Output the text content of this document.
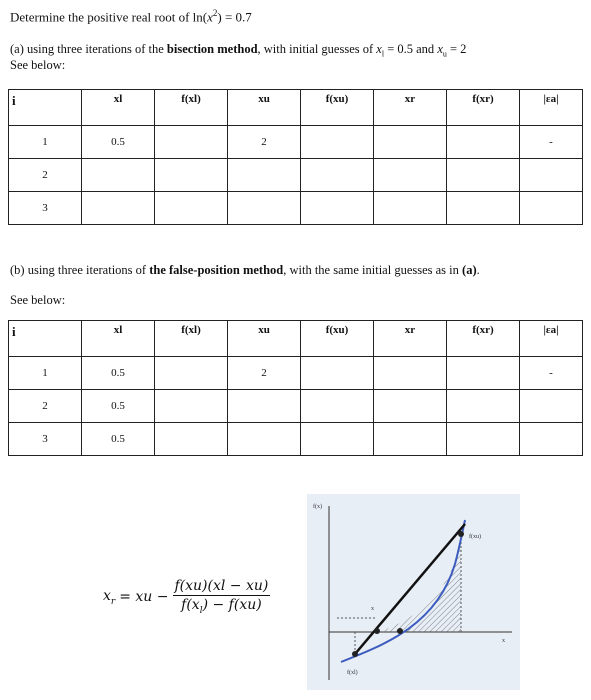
Determine the positive real root of $\ln(x^2) = 0.7$
(a) using three iterations of the bisection method, with initial guesses of $x_l = 0.5$ and $x_u = 2$
See below:
i	xl	f(xl)	xu	f(xu)	xr	f(xr)	|εa|
1	0.5		2				-
2							
3							
(b) using three iterations of the false-position method, with the same initial guesses as in (a).
See below:
i	xl	f(xl)	xu	f(xu)	xr	f(xr)	|εa|
1	0.5		2				-
2	0.5						
3	0.5						
$x_r$ = xu − $\frac{f(xu)(xl - xu)}{f(x_l) - f(xu)}$
f(x)
x
f(xu)
f(xl)
x
